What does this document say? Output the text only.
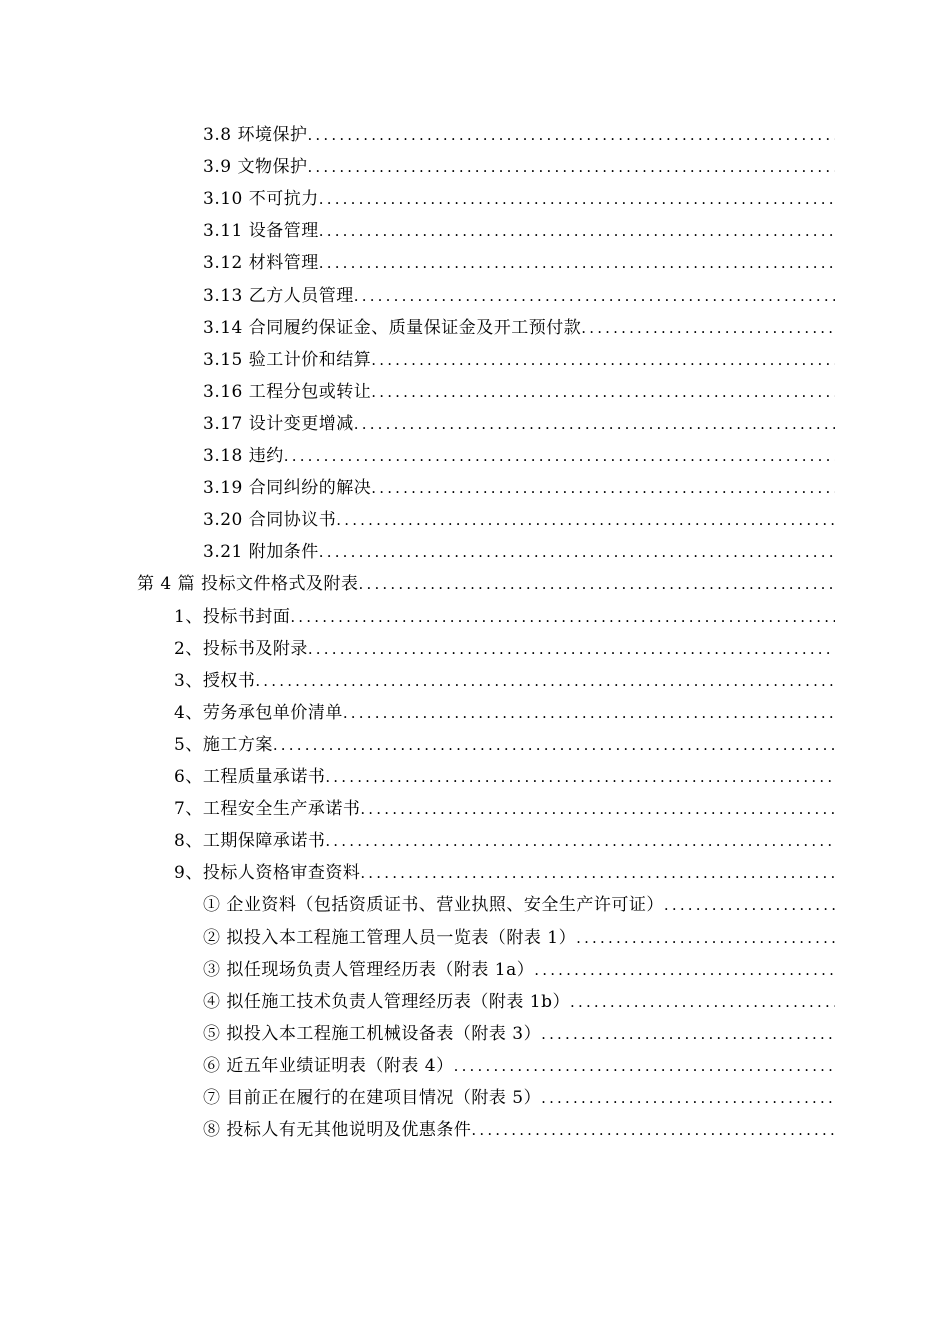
3.8 环境保护
.....
3.9 文物保护
.....
3.10 不可抗力
.....
3.11 设备管理
.....
3.12 材料管理
.....
3.13 乙方人员管理
.....
3.14 合同履约保证金、质量保证金及开工预付款
.....
3.15 验工计价和结算
.....
3.16 工程分包或转让
.....
3.17 设计变更增减
.....
3.18 违约
.....
3.19 合同纠纷的解决
.....
3.20 合同协议书
.....
3.21 附加条件
.....
第 4 篇 投标文件格式及附表
.....
1、投标书封面
.....
2、投标书及附录
.....
3、授权书
.....
4、劳务承包单价清单
.....
5、施工方案
.....
6、工程质量承诺书
.....
7、工程安全生产承诺书
.....
8、工期保障承诺书
.....
9、投标人资格审查资料
.....
① 企业资料（包括资质证书、营业执照、安全生产许可证）
.....
② 拟投入本工程施工管理人员一览表（附表 1）
.....
③ 拟任现场负责人管理经历表（附表 1a）
.....
④ 拟任施工技术负责人管理经历表（附表 1b）
.....
⑤ 拟投入本工程施工机械设备表（附表 3）
.....
⑥ 近五年业绩证明表（附表 4）
.....
⑦ 目前正在履行的在建项目情况（附表 5）
.....
⑧ 投标人有无其他说明及优惠条件
.....
